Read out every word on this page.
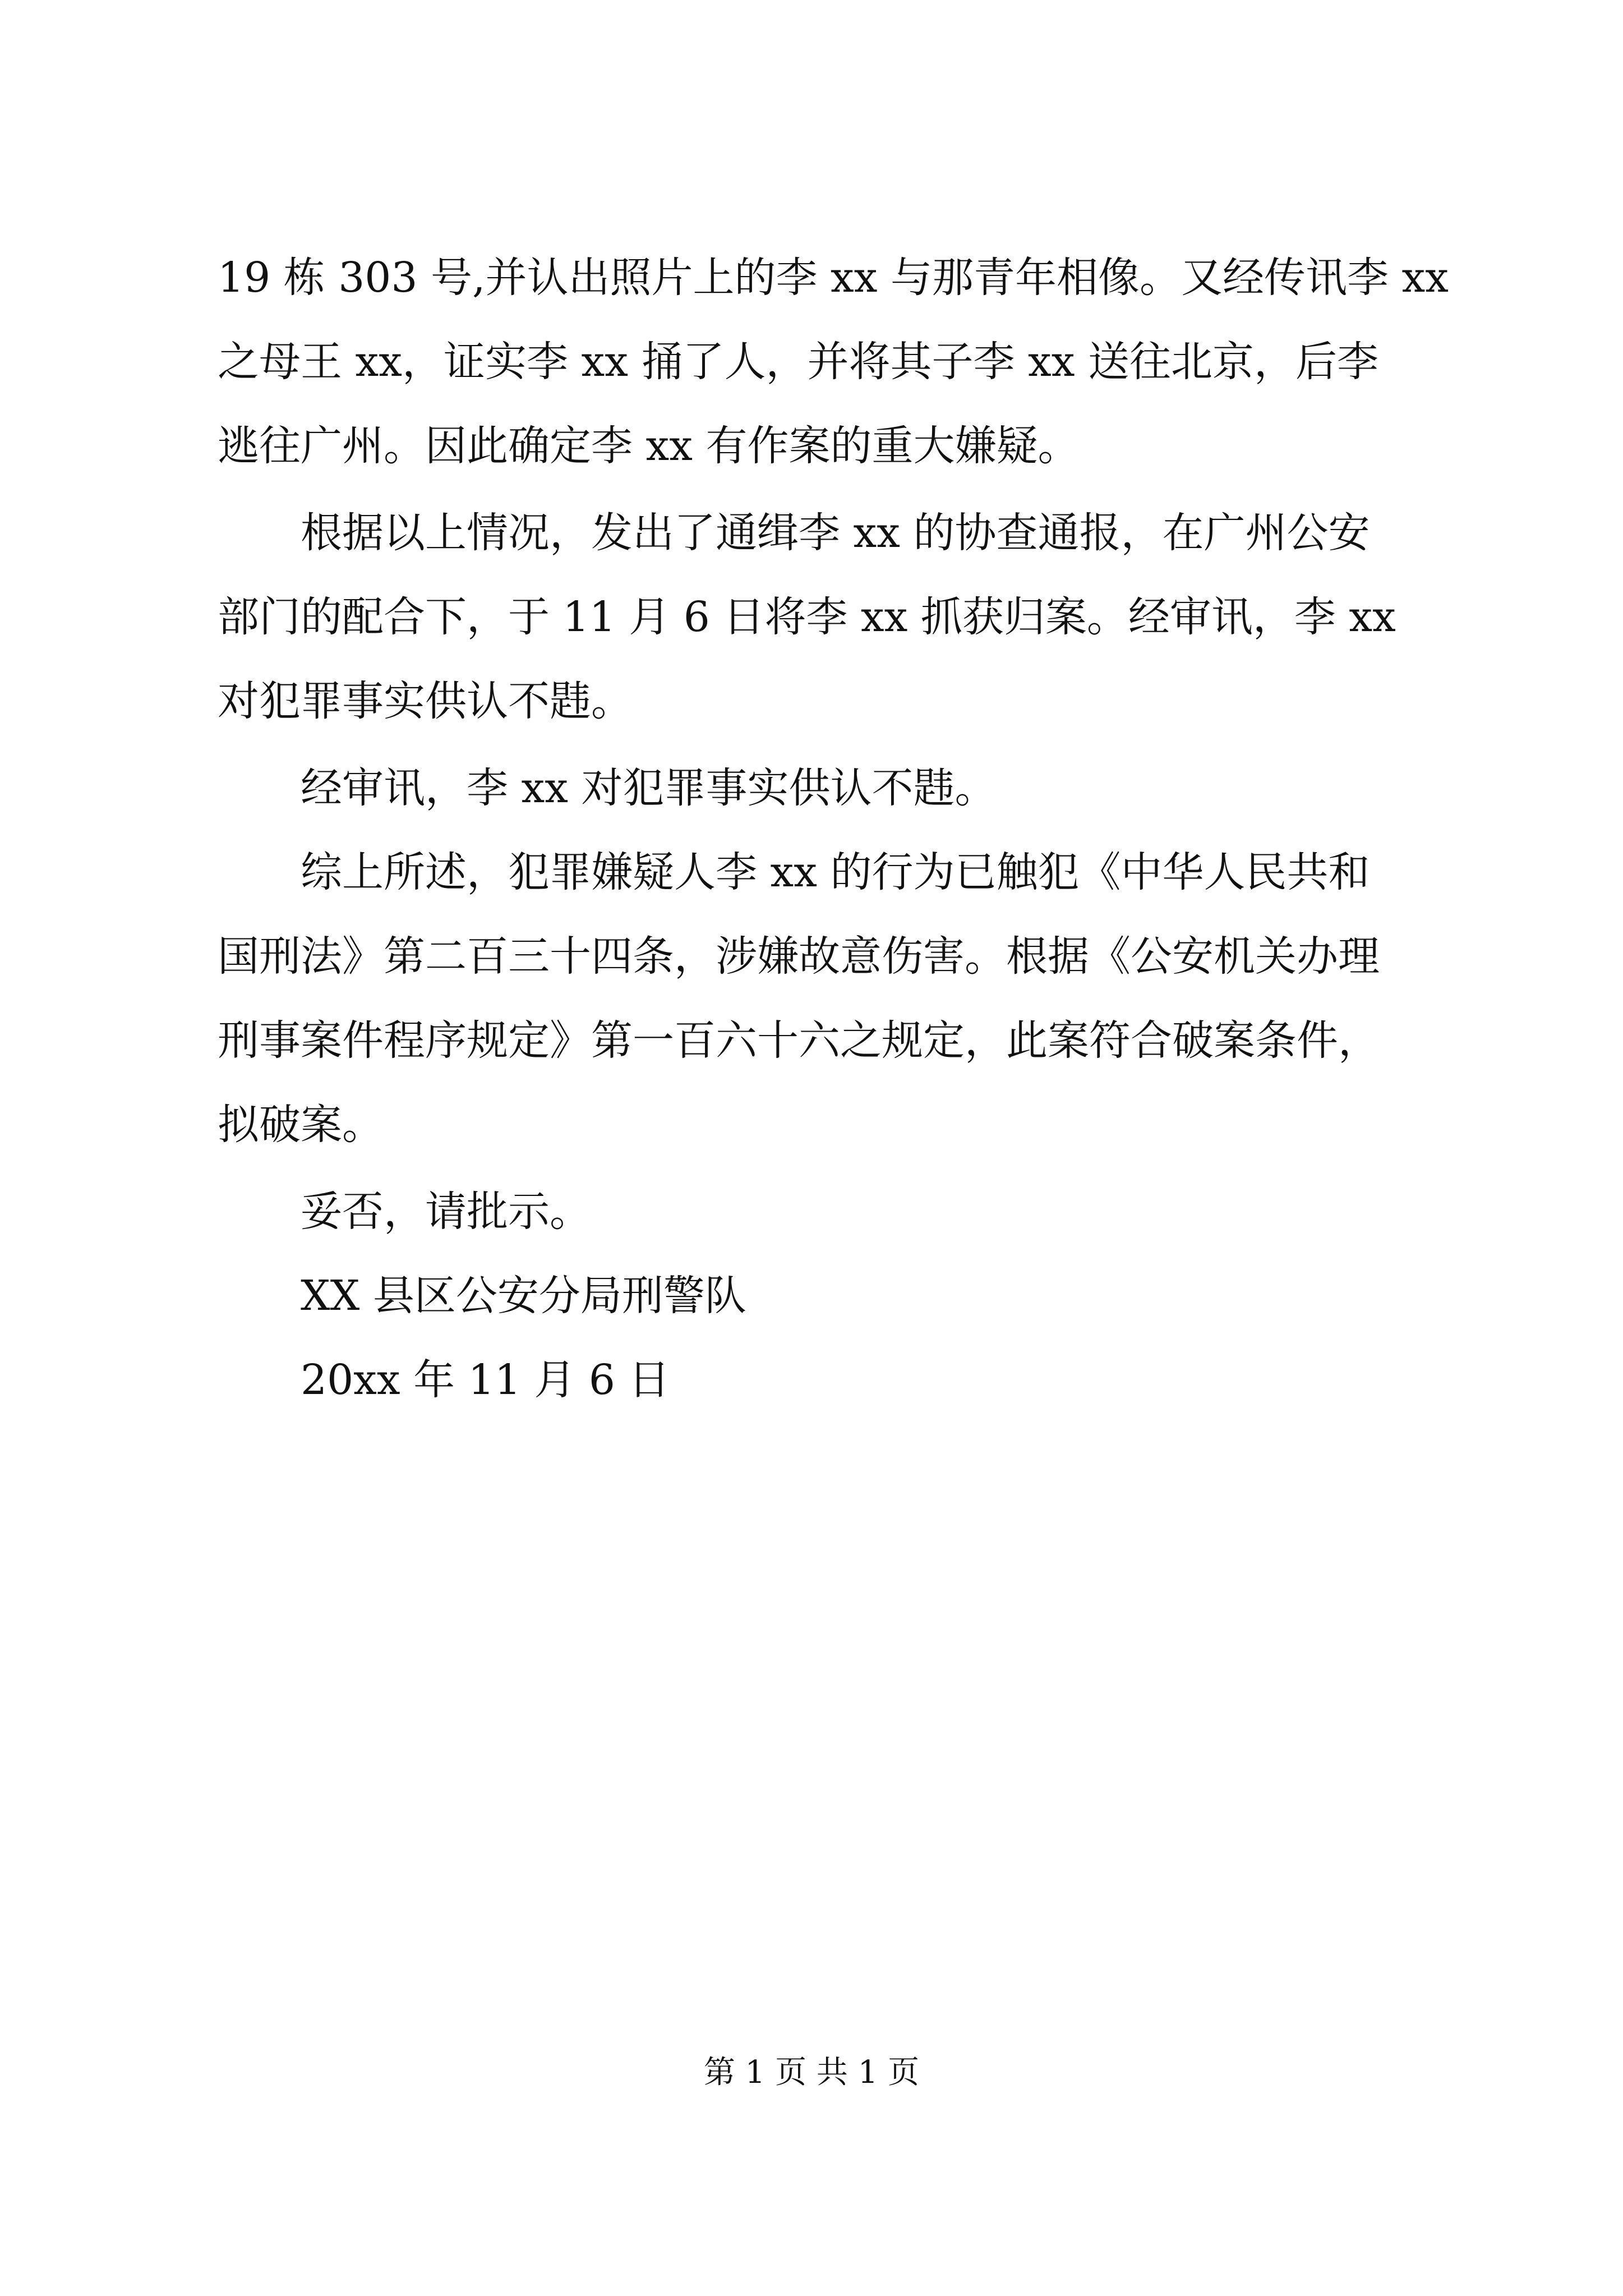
19 栋 303 号,并认出照片上的李 xx 与那青年相像。又经传讯李 xx
之母王 xx，证实李 xx 捅了人，并将其子李 xx 送往北京，后李
逃往广州。因此确定李 xx 有作案的重大嫌疑。
根据以上情况，发出了通缉李 xx 的协查通报，在广州公安
部门的配合下，于 11 月 6 日将李 xx 抓获归案。经审讯，李 xx
对犯罪事实供认不韪。
经审讯，李 xx 对犯罪事实供认不韪。
综上所述，犯罪嫌疑人李 xx 的行为已触犯《中华人民共和
国刑法》第二百三十四条，涉嫌故意伤害。根据《公安机关办理
刑事案件程序规定》第一百六十六之规定，此案符合破案条件，
拟破案。
妥否，请批示。
XX 县区公安分局刑警队
20xx 年 11 月 6 日
第 1 页 共 1 页
